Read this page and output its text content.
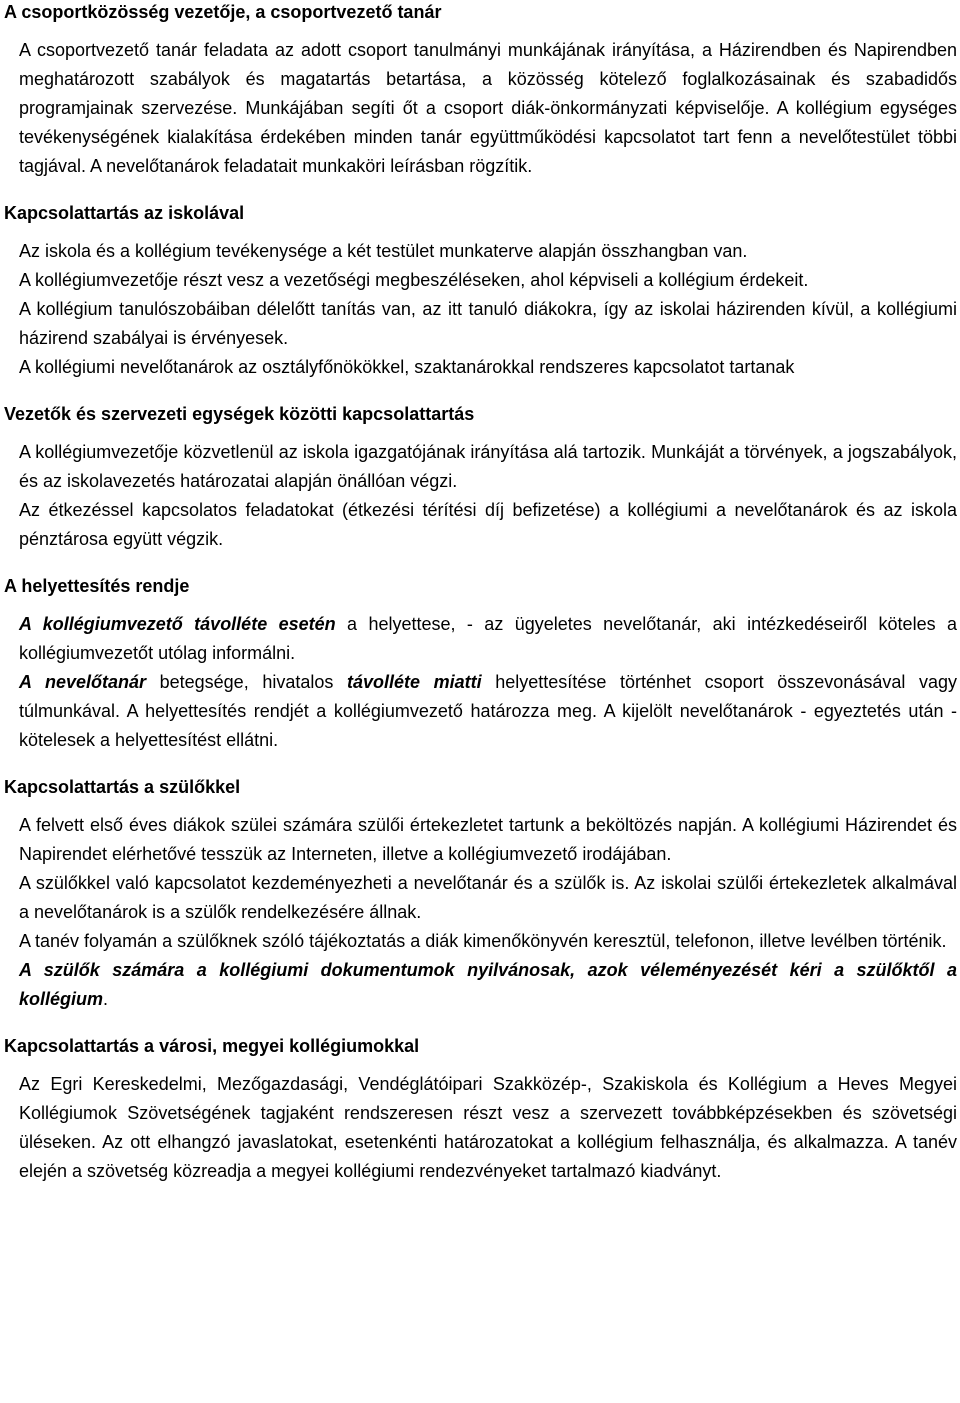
A csoportközösség vezetője, a csoportvezető tanár

A csoportvezető tanár feladata az adott csoport tanulmányi munkájának irányítása, a Házirendben és Napirendben meghatározott szabályok és magatartás betartása, a közösség kötelező foglalkozásainak és szabadidős programjainak szervezése. Munkájában segíti őt a csoport diák-önkormányzati képviselője. A kollégium egységes tevékenységének kialakítása érdekében minden tanár együttműködési kapcsolatot tart fenn a nevelőtestület többi tagjával. A nevelőtanárok feladatait munkaköri leírásban rögzítik.

Kapcsolattartás az iskolával

Az iskola és a kollégium tevékenysége a két testület munkaterve alapján összhangban van.

A kollégiumvezetője részt vesz a vezetőségi megbeszéléseken, ahol képviseli a kollégium érdekeit.

A kollégium tanulószobáiban délelőtt tanítás van, az itt tanuló diákokra, így az iskolai házirenden kívül, a kollégiumi házirend szabályai is érvényesek.

A kollégiumi nevelőtanárok az osztályfőnökökkel, szaktanárokkal rendszeres kapcsolatot tartanak

Vezetők és szervezeti egységek közötti kapcsolattartás

A kollégiumvezetője közvetlenül az iskola igazgatójának irányítása alá tartozik. Munkáját a törvények, a jogszabályok, és az iskolavezetés határozatai alapján önállóan végzi.

Az étkezéssel kapcsolatos feladatokat (étkezési térítési díj befizetése) a kollégiumi a nevelőtanárok és az iskola pénztárosa együtt végzik.

A helyettesítés rendje

A kollégiumvezető távolléte esetén a helyettese, - az ügyeletes nevelőtanár, aki intézkedéseiről köteles a kollégiumvezetőt utólag informálni.

A nevelőtanár betegsége, hivatalos távolléte miatti helyettesítése történhet csoport összevonásával vagy túlmunkával. A helyettesítés rendjét a kollégiumvezető határozza meg. A kijelölt nevelőtanárok - egyeztetés után - kötelesek a helyettesítést ellátni.

Kapcsolattartás a szülőkkel

A felvett első éves diákok szülei számára szülői értekezletet tartunk a beköltözés napján. A kollégiumi Házirendet és Napirendet elérhetővé tesszük az Interneten, illetve a kollégiumvezető irodájában.

A szülőkkel való kapcsolatot kezdeményezheti a nevelőtanár és a szülők is. Az iskolai szülői értekezletek alkalmával a nevelőtanárok is a szülők rendelkezésére állnak.

A tanév folyamán a szülőknek szóló tájékoztatás a diák kimenőkönyvén keresztül, telefonon, illetve levélben történik.

A szülők számára a kollégiumi dokumentumok nyilvánosak, azok véleményezését kéri a szülőktől a kollégium.

Kapcsolattartás a városi, megyei kollégiumokkal

Az Egri Kereskedelmi, Mezőgazdasági, Vendéglátóipari Szakközép-, Szakiskola és Kollégium a Heves Megyei Kollégiumok Szövetségének tagjaként rendszeresen részt vesz a szervezett továbbképzésekben és szövetségi üléseken. Az ott elhangzó javaslatokat, esetenkénti határozatokat a kollégium felhasználja, és alkalmazza. A tanév elején a szövetség közreadja a megyei kollégiumi rendezvényeket tartalmazó kiadványt.
